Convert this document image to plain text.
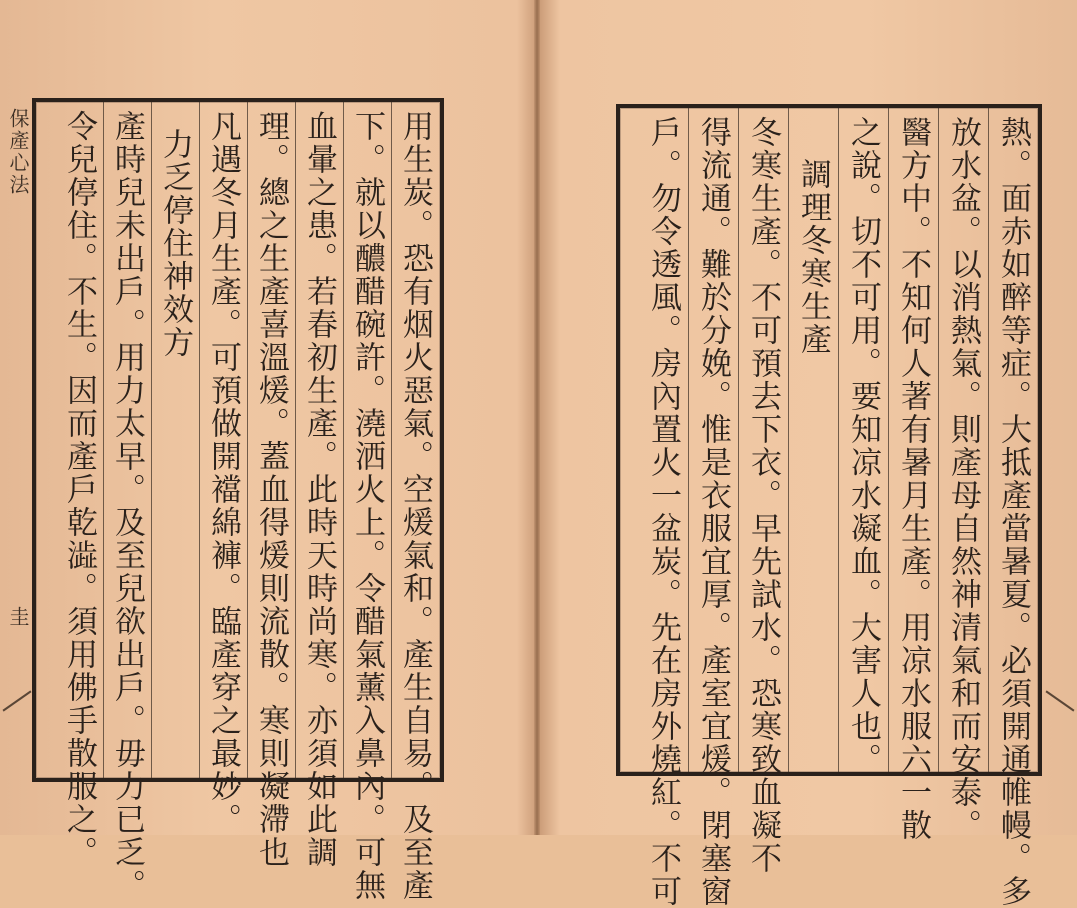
保產心法
圭	用生炭。恐有烟火惡氣。空煖氣和。產生自易。及至產
下。就以醲醋碗許。澆洒火上。令醋氣薰入鼻內。可無
血暈之患。若春初生產。此時天時尚寒。亦須如此調
理。總之生產喜溫煖。蓋血得煖則流散。寒則凝滯也
凡遇冬月生產。可預做開襠綿褲。臨產穿之最妙。
力乏停住神效方
產時兒未出戶。用力太早。及至兒欲出戶。毋力已乏。
令兒停住。不生。因而產戶乾澁。須用佛手散服之。	熱。面赤如醉等症。大抵產當暑夏。必須開通帷幔。多
放水盆。以消熱氣。則產母自然神清氣和而安泰。
醫方中。不知何人著有暑月生產。用凉水服六一散
之說。切不可用。要知凉水凝血。大害人也。
調理冬寒生產
冬寒生產。不可預去下衣。早先試水。恐寒致血凝不
得流通。難於分娩。惟是衣服宜厚。產室宜煖。閉塞窗
戶。勿令透風。房內置火一盆炭。先在房外燒紅。不可
